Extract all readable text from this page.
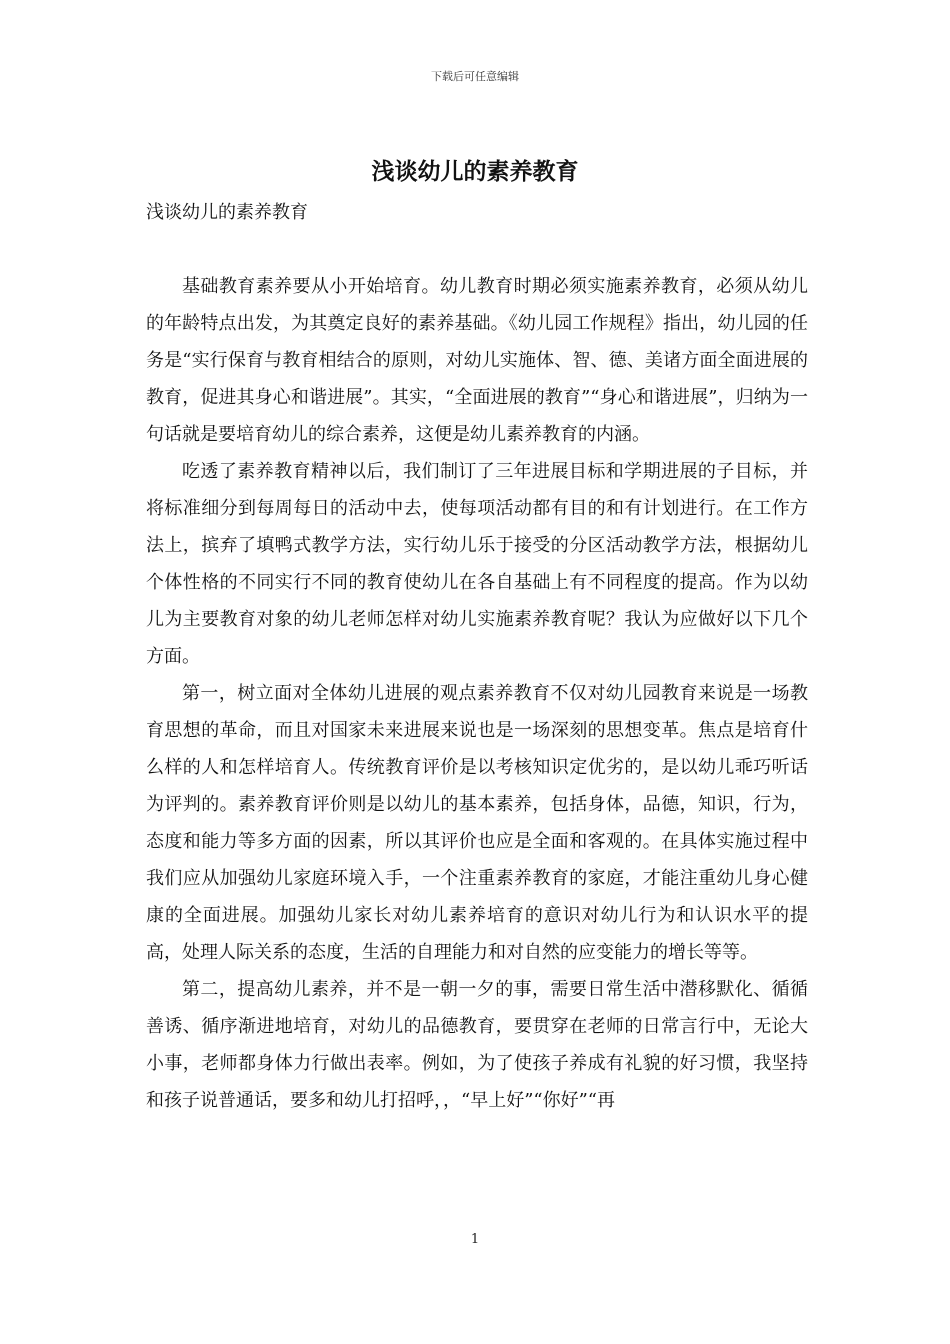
下载后可任意编辑
浅谈幼儿的素养教育

浅谈幼儿的素养教育

基础教育素养要从小开始培育。幼儿教育时期必须实施素养教育，必须从幼儿的年龄特点出发，为其奠定良好的素养基础。《幼儿园工作规程》指出，幼儿园的任务是“实行保育与教育相结合的原则，对幼儿实施体、智、德、美诸方面全面进展的教育，促进其身心和谐进展”。其实，“全面进展的教育”“身心和谐进展”，归纳为一句话就是要培育幼儿的综合素养，这便是幼儿素养教育的内涵。

吃透了素养教育精神以后，我们制订了三年进展目标和学期进展的子目标，并将标准细分到每周每日的活动中去，使每项活动都有目的和有计划进行。在工作方法上，摈弃了填鸭式教学方法，实行幼儿乐于接受的分区活动教学方法，根据幼儿个体性格的不同实行不同的教育使幼儿在各自基础上有不同程度的提高。作为以幼儿为主要教育对象的幼儿老师怎样对幼儿实施素养教育呢？我认为应做好以下几个方面。

第一，树立面对全体幼儿进展的观点素养教育不仅对幼儿园教育来说是一场教育思想的革命，而且对国家未来进展来说也是一场深刻的思想变革。焦点是培育什么样的人和怎样培育人。传统教育评价是以考核知识定优劣的，是以幼儿乖巧听话为评判的。素养教育评价则是以幼儿的基本素养，包括身体，品德，知识，行为，态度和能力等多方面的因素，所以其评价也应是全面和客观的。在具体实施过程中我们应从加强幼儿家庭环境入手，一个注重素养教育的家庭，才能注重幼儿身心健康的全面进展。加强幼儿家长对幼儿素养培育的意识对幼儿行为和认识水平的提高，处理人际关系的态度，生活的自理能力和对自然的应变能力的增长等等。

第二，提高幼儿素养，并不是一朝一夕的事，需要日常生活中潜移默化、循循善诱、循序渐进地培育，对幼儿的品德教育，要贯穿在老师的日常言行中，无论大小事，老师都身体力行做出表率。例如，为了使孩子养成有礼貌的好习惯，我坚持和孩子说普通话，要多和幼儿打招呼，，“早上好”“你好”“再

1
